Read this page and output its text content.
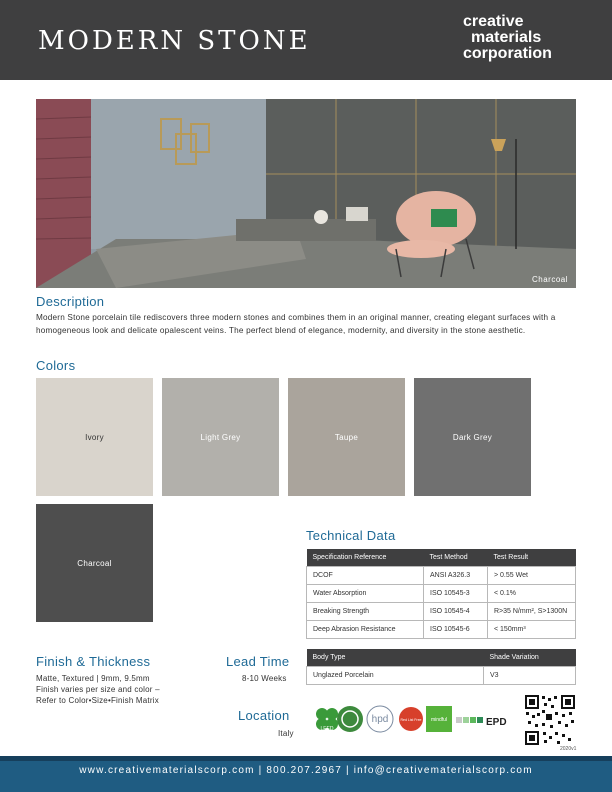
MODERN STONE
creative
materials
corporation
Charcoal
Description
Modern Stone porcelain tile rediscovers three modern stones and combines them in an original manner, creating elegant surfaces with a homogeneous look and delicate opalescent veins. The perfect blend of elegance, modernity, and diversity in the stone aesthetic.
Colors
Ivory	Light Grey	Taupe	Dark Grey
Charcoal
Technical Data
Specification Reference	Test Method	Test Result
DCOF	ANSI A326.3	> 0.55 Wet
Water Absorption	ISO 10545-3	< 0.1%
Breaking Strength	ISO 10545-4	R>35 N/mm², S>1300N
Deep Abrasion Resistance	ISO 10545-6	< 150mm³
Body Type	Shade Variation
Unglazed Porcelain	V3
Finish & Thickness
Matte, Textured | 9mm, 9.5mm
Finish varies per size and color –
Refer to Color•Size•Finish Matrix
Lead Time
8-10 Weeks
Location
Italy	LEED
hpd	Red List Free mindful	EPD
2020v1
www.creativematerialscorp.com | 800.207.2967 | info@creativematerialscorp.com
